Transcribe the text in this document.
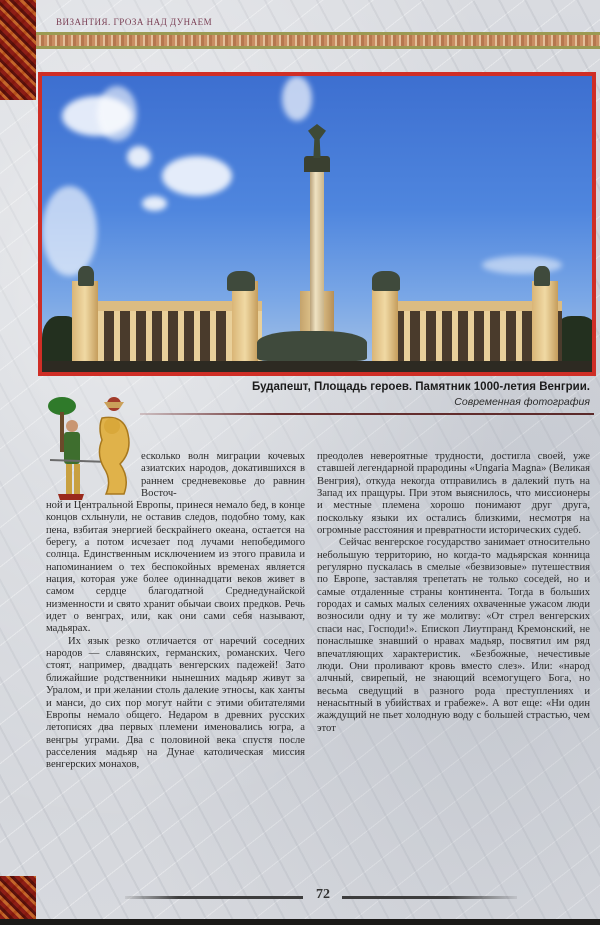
ВИЗАНТИЯ. ГРОЗА НАД ДУНАЕМ
Будапешт, Площадь героев. Памятник 1000-летия Венгрии.
Современная фотография
есколько волн миграции кочевых азиатских народов, докатившихся в раннем средневековье до равнин Восточ-

ной и Центральной Европы, принеся немало бед, в конце концов схлынули, не оставив следов, подобно тому, как пена, взбитая энергией бескрайнего океана, остается на берегу, а потом исчезает под лучами непобедимого солнца. Единственным исключением из этого правила и напоминанием о тех беспокойных временах является нация, которая уже более одиннадцати веков живет в самом сердце благодатной Среднедунайской низменности и свято хранит обычаи своих предков. Речь идет о венграх, или, как они сами себя называют, мадьярах.

Их язык резко отличается от наречий соседних народов — славянских, германских, романских. Чего стоят, например, двадцать венгерских падежей! Зато ближайшие родственники нынешних мадьяр живут за Уралом, и при желании столь далекие этносы, как ханты и манси, до сих пор могут найти с этими обитателями Европы немало общего. Недаром в древних русских летописях два первых племени именовались югра, а венгры уграми. Два с половиной века спустя после расселения мадьяр на Дунае католическая миссия венгерских монахов,

преодолев невероятные трудности, достигла своей, уже ставшей легендарной прародины «Ungaria Magna» (Великая Венгрия), откуда некогда отправились в далекий путь на Запад их пращуры. При этом выяснилось, что миссионеры и местные племена хорошо понимают друг друга, поскольку языки их остались близкими, несмотря на огромные расстояния и превратности исторических судеб.

Сейчас венгерское государство занимает относительно небольшую территорию, но когда-то мадьярская конница регулярно пускалась в смелые «безвизовые» путешествия по Европе, заставляя трепетать не только соседей, но и самые отдаленные страны континента. Тогда в больших городах и самых малых селениях охваченные ужасом люди возносили одну и ту же молитву: «От стрел венгерских спаси нас, Господи!». Епископ Лиутпранд Кремонский, не понаслышке знавший о нравах мадьяр, посвятил им ряд впечатляющих характеристик. «Безбожные, нечестивые люди. Они проливают кровь вместо слез». Или: «народ алчный, свирепый, не знающий всемогущего Бога, но весьма сведущий в разного рода преступлениях и ненасытный в убийствах и грабеже». А вот еще: «Ни один жаждущий не пьет холодную воду с большей страстью, чем этот

72
